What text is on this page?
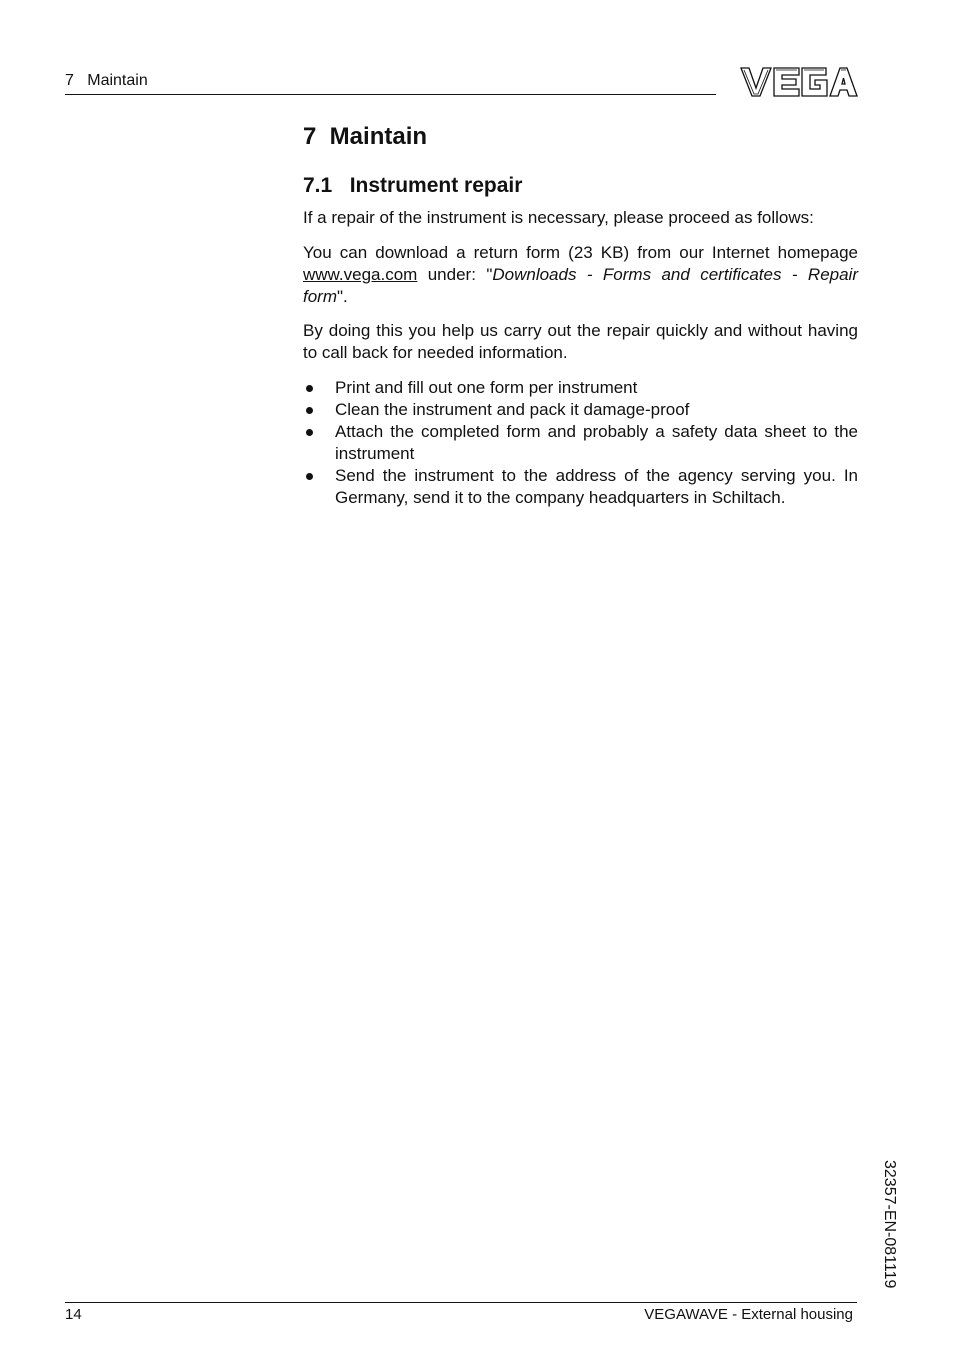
7   Maintain
7  Maintain
7.1   Instrument repair

If a repair of the instrument is necessary, please proceed as follows:

You can download a return form (23 KB) from our Internet homepage www.vega.com under: "Downloads - Forms and certificates - Repair form".

By doing this you help us carry out the repair quickly and without having to call back for needed information.

Print and fill out one form per instrument
Clean the instrument and pack it damage-proof
Attach the completed form and probably a safety data sheet to the instrument
Send the instrument to the address of the agency serving you. In Germany, send it to the company headquarters in Schiltach.
32357-EN-081119
14	VEGAWAVE - External housing
